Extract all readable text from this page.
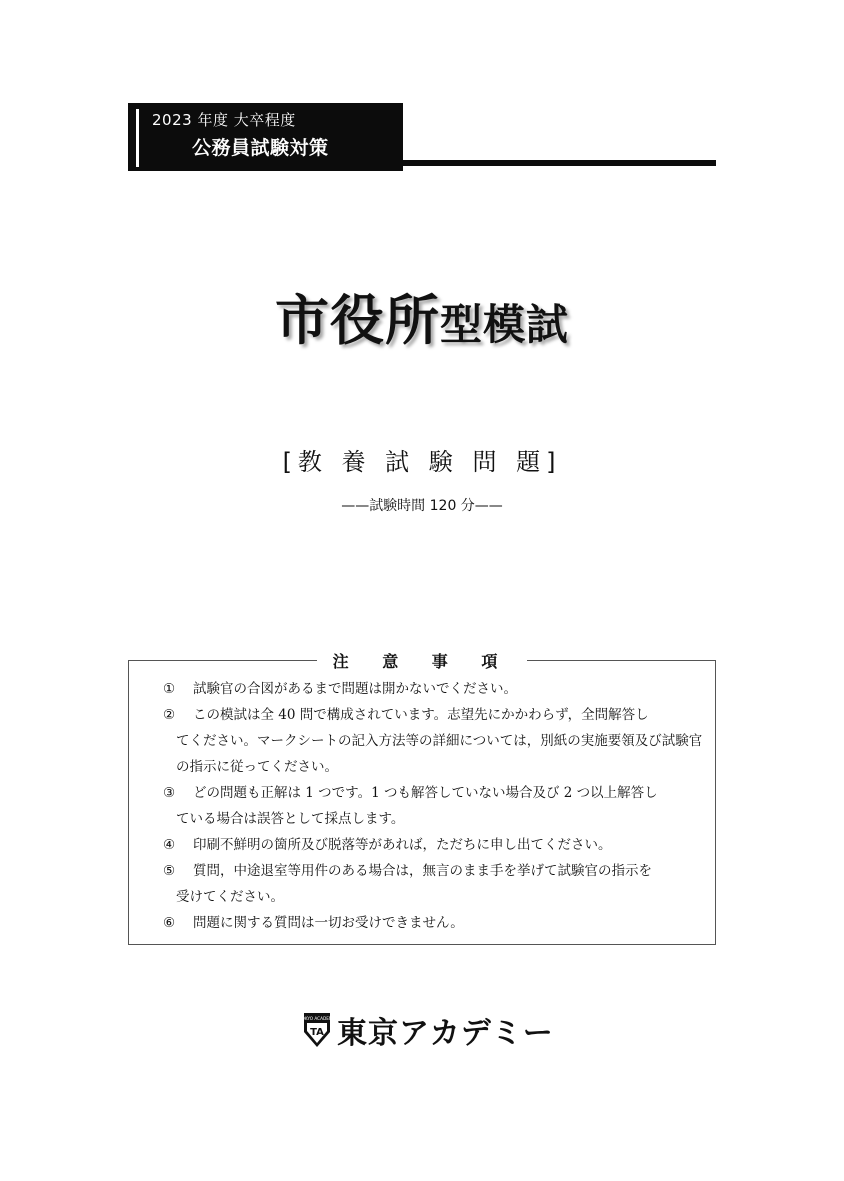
2023 年度 大卒程度
公務員試験対策
市役所型模試
[教 養 試 験 問 題]
——試験時間 120 分——
注 意 事 項
① 試験官の合図があるまで問題は開かないでください。
② この模試は全 40 問で構成されています。志望先にかかわらず，全問解答し
てください。マークシートの記入方法等の詳細については，別紙の実施要領及び試験官の指示に従ってください。
③ どの問題も正解は 1 つです。1 つも解答していない場合及び 2 つ以上解答し
ている場合は誤答として採点します。
④ 印刷不鮮明の箇所及び脱落等があれば，ただちに申し出てください。
⑤ 質問，中途退室等用件のある場合は，無言のまま手を挙げて試験官の指示を
受けてください。
⑥ 問題に関する質問は一切お受けできません。
TOKYO ACADEMY
TA 東京アカデミー
